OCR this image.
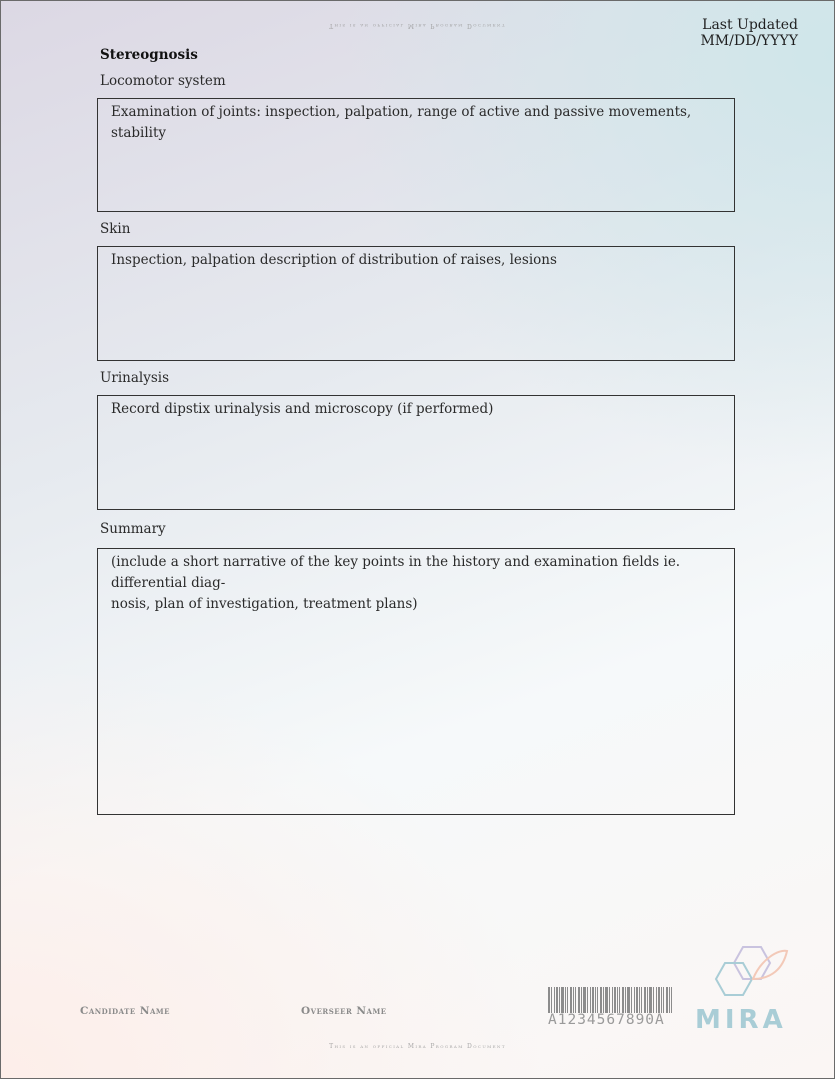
This is an official Mira Program Document	Last Updated
MM/DD/YYYY
Stereognosis
Locomotor system
Examination of joints: inspection, palpation, range of active and passive movements, stability
Skin
Inspection, palpation description of distribution of raises, lesions
Urinalysis
Record dipstix urinalysis and microscopy (if performed)
Summary
(include a short narrative of the key points in the history and examination fields ie. differential diag-
nosis, plan of investigation, treatment plans)
Candidate Name	Overseer Name
A1234567890A MIRA
This is an official Mira Program Document
